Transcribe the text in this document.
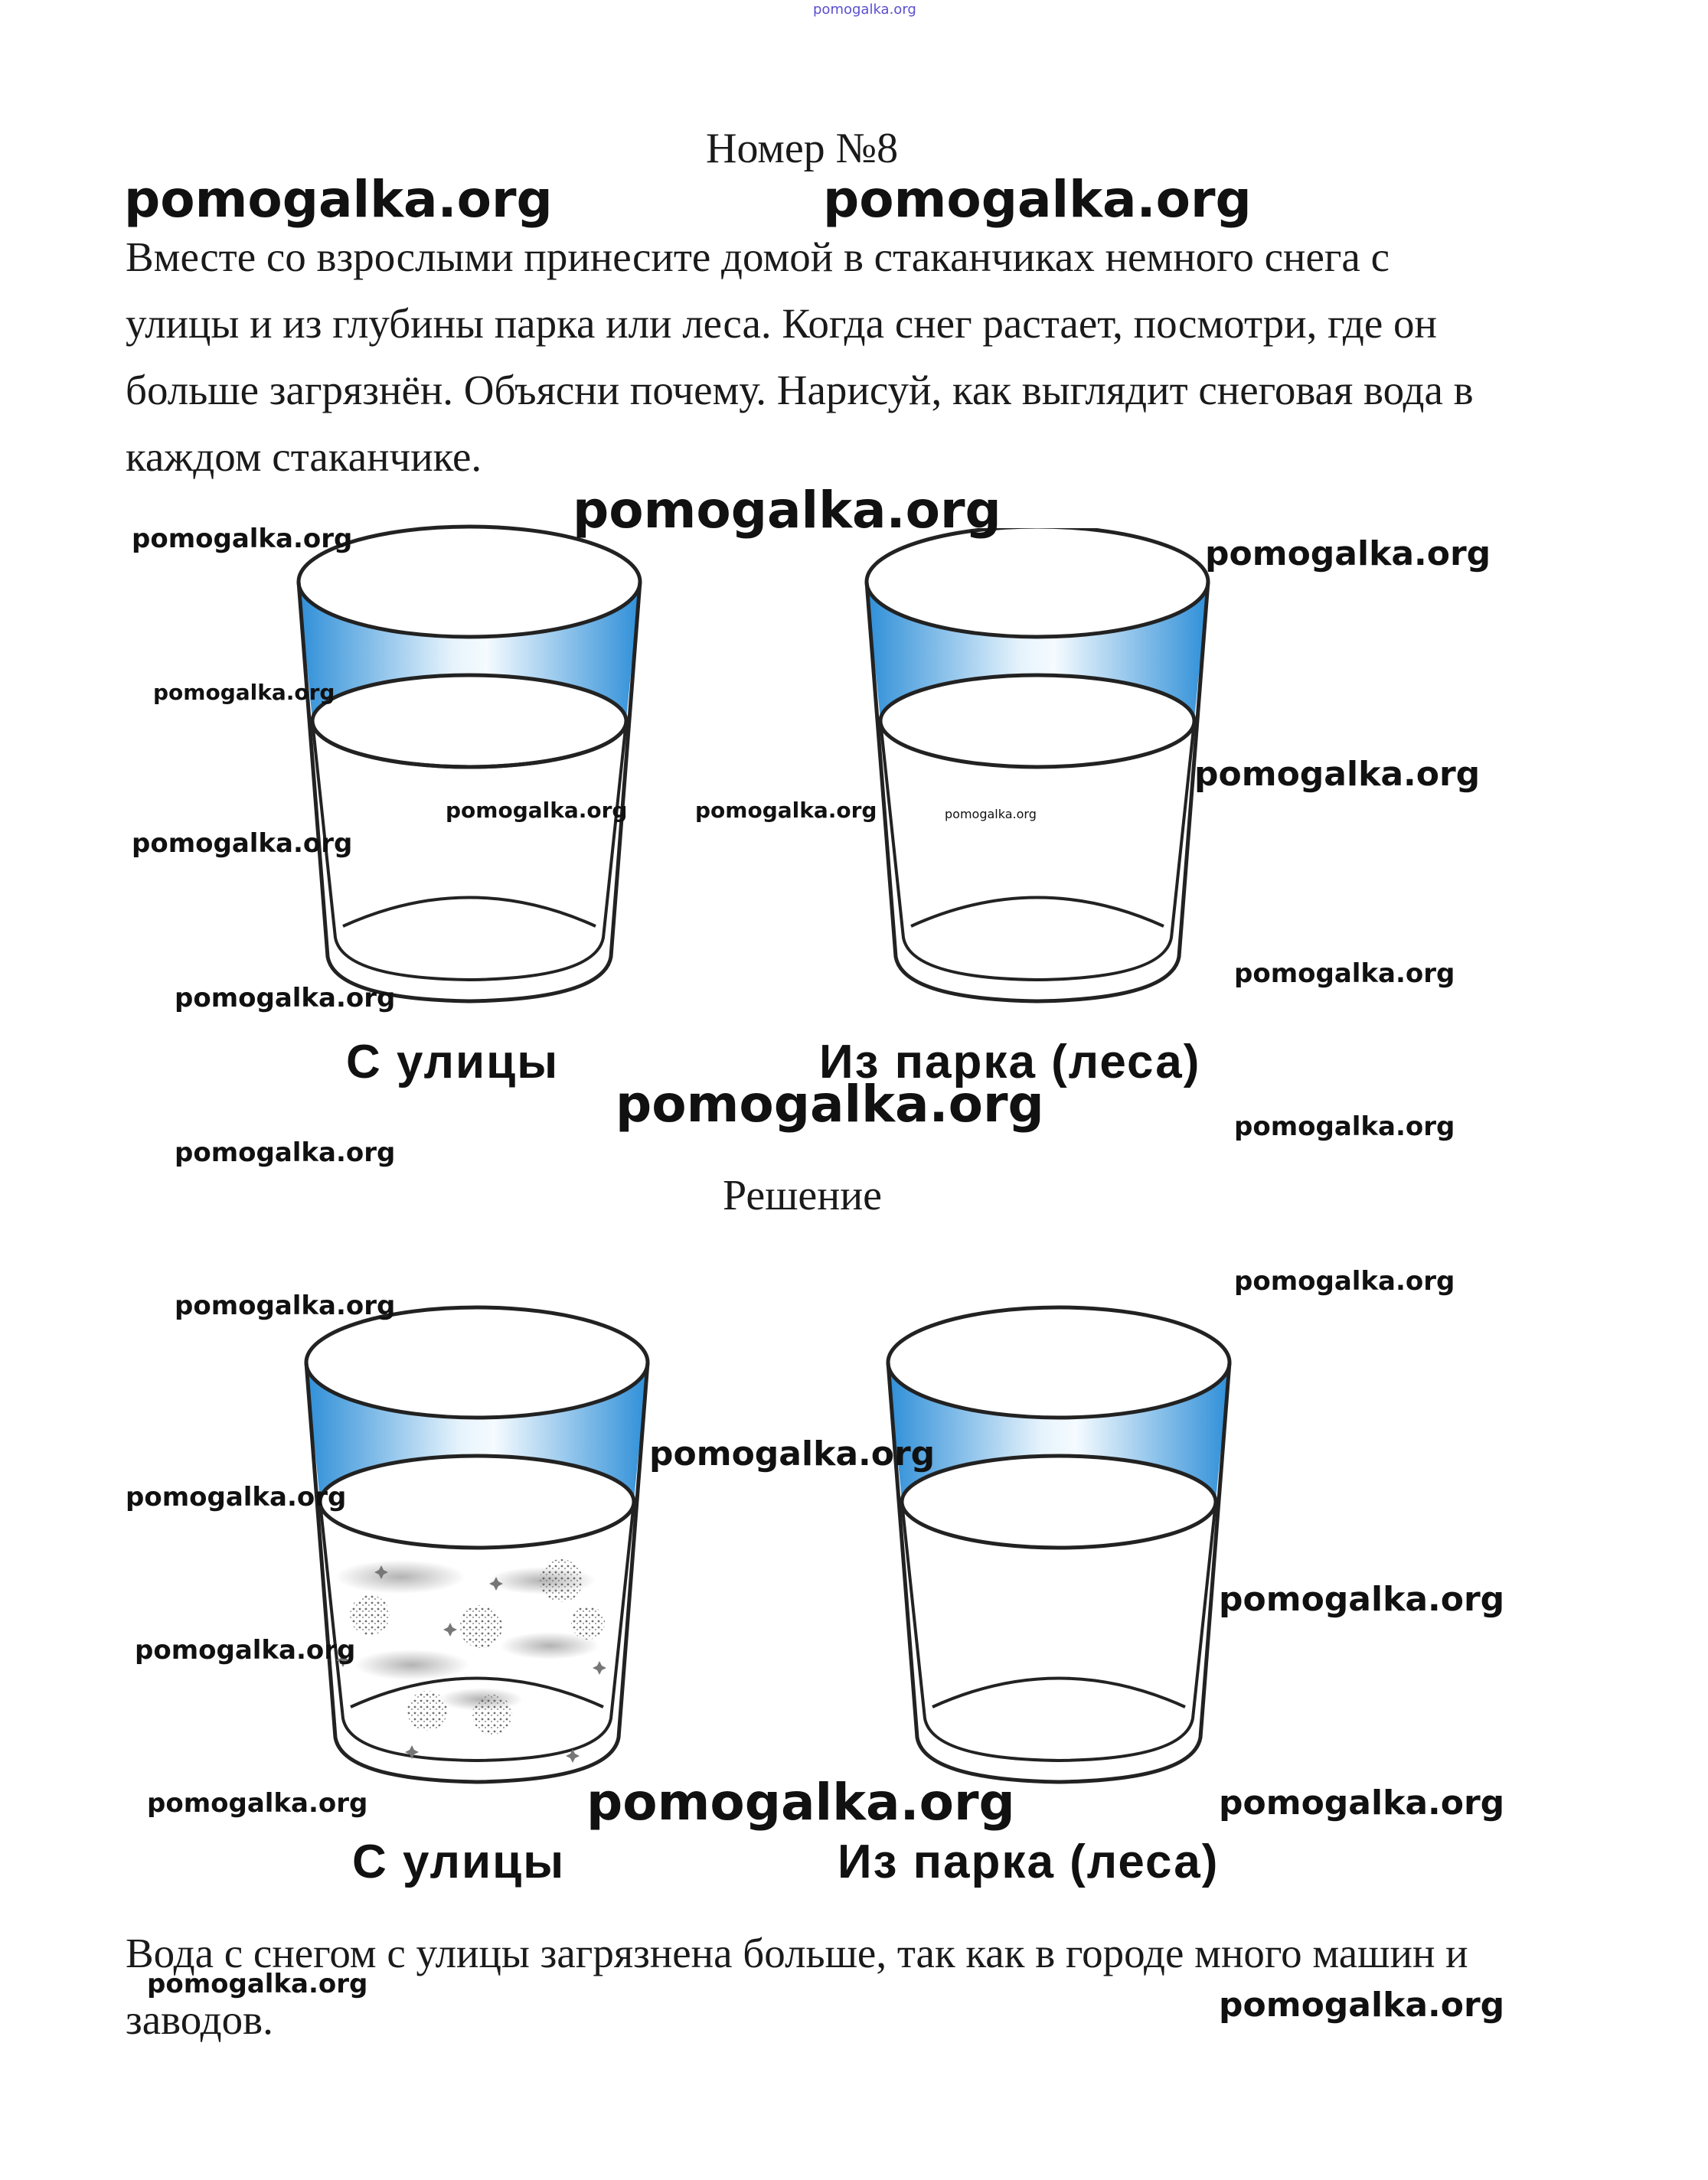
pomogalka.org
Номер №8
Вместе со взрослыми принесите домой в стаканчиках немного снега с улицы и из глубины парка или леса. Когда снег растает, посмотри, где он больше загрязнён. Объясни почему. Нарисуй, как выглядит снеговая вода в каждом стаканчике.
С улицы	Из парка (леса)
Решение
С улицы	Из парка (леса)
Вода с снегом с улицы загрязнена больше, так как в городе много машин и заводов.
pomogalka.org	pomogalka.org
pomogalka.org
pomogalka.org	pomogalka.org
pomogalka.org
pomogalka.org
pomogalka.org	pomogalka.org	pomogalka.org
pomogalka.org
pomogalka.org
pomogalka.org
pomogalka.org	pomogalka.org
pomogalka.org
pomogalka.org
pomogalka.org
pomogalka.org
pomogalka.org
pomogalka.org
pomogalka.org
pomogalka.org	pomogalka.org	pomogalka.org
pomogalka.org
pomogalka.org
